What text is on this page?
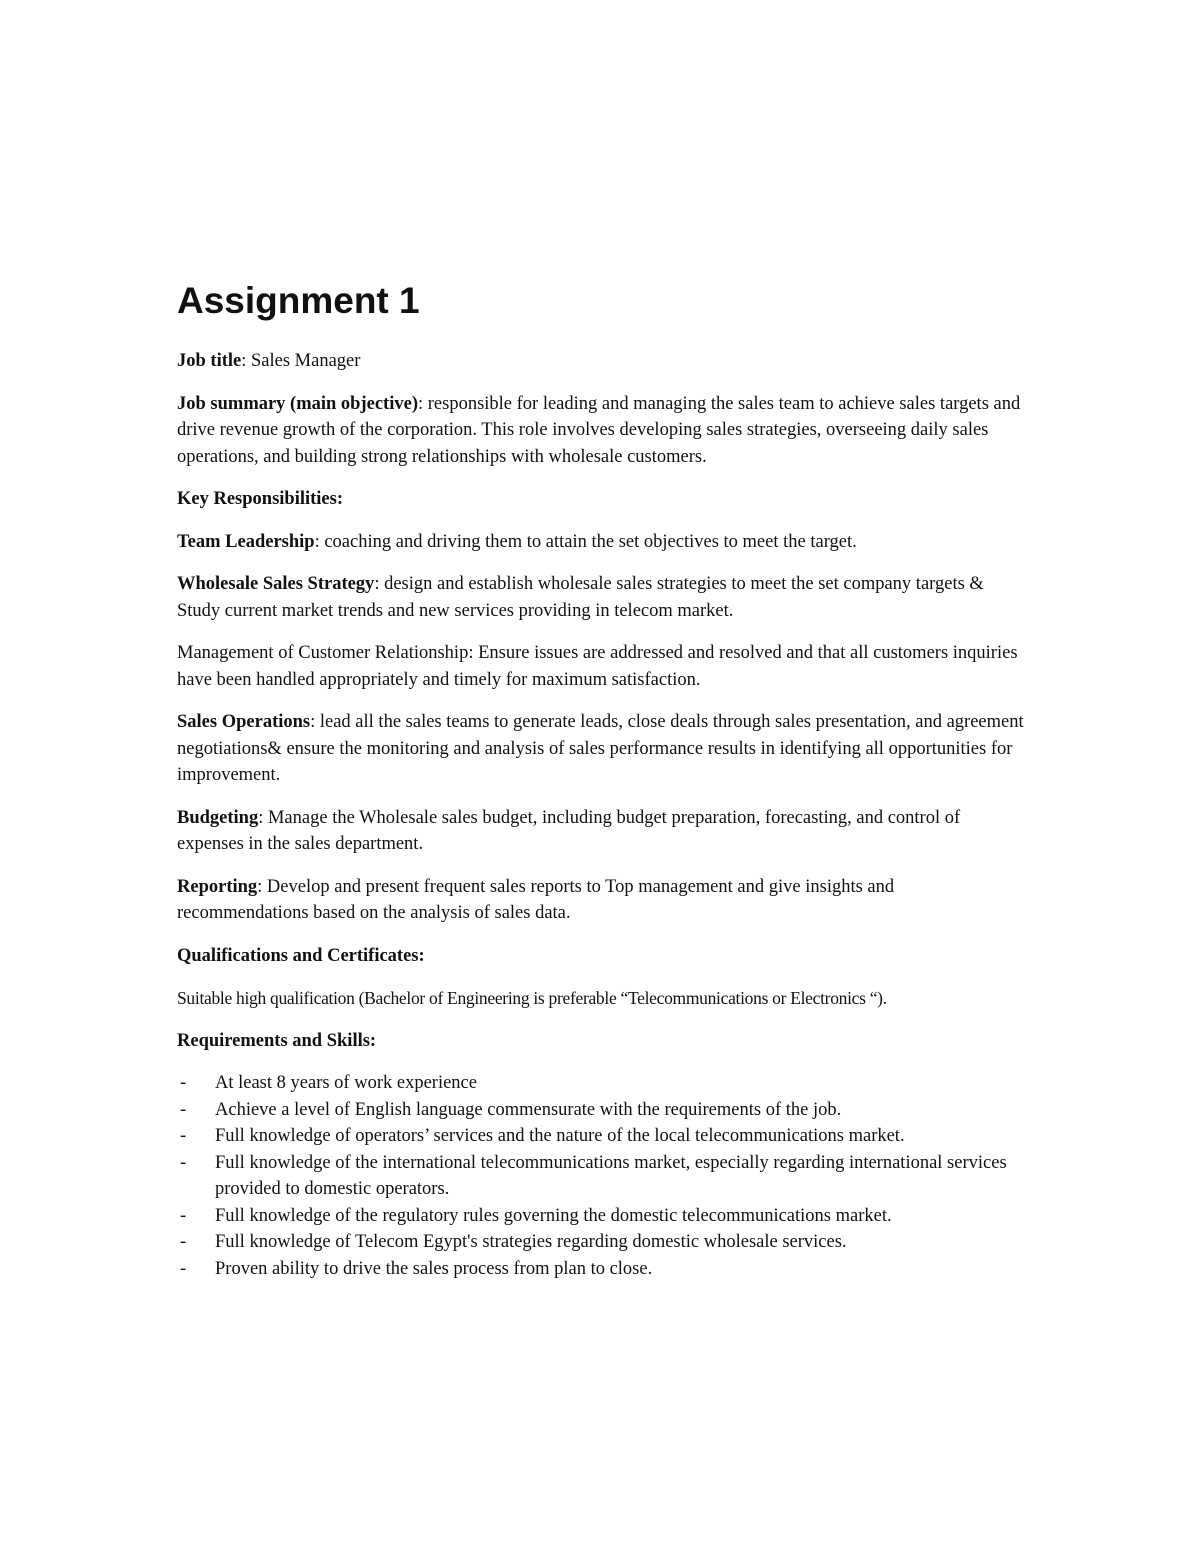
Assignment 1

Job title: Sales Manager

Job summary (main objective): responsible for leading and managing the sales team to achieve sales targets and drive revenue growth of the corporation. This role involves developing sales strategies, overseeing daily sales operations, and building strong relationships with wholesale customers.

Key Responsibilities:

Team Leadership: coaching and driving them to attain the set objectives to meet the target.

Wholesale Sales Strategy: design and establish wholesale sales strategies to meet the set company targets & Study current market trends and new services providing in telecom market.

Management of Customer Relationship: Ensure issues are addressed and resolved and that all customers inquiries have been handled appropriately and timely for maximum satisfaction.

Sales Operations: lead all the sales teams to generate leads, close deals through sales presentation, and agreement negotiations& ensure the monitoring and analysis of sales performance results in identifying all opportunities for improvement.

Budgeting: Manage the Wholesale sales budget, including budget preparation, forecasting, and control of expenses in the sales department.

Reporting: Develop and present frequent sales reports to Top management and give insights and recommendations based on the analysis of sales data.

Qualifications and Certificates:

Suitable high qualification (Bachelor of Engineering is preferable “Telecommunications or Electronics “).

Requirements and Skills:

- At least 8 years of work experience
- Achieve a level of English language commensurate with the requirements of the job.
- Full knowledge of operators’ services and the nature of the local telecommunications market.
- Full knowledge of the international telecommunications market, especially regarding international services provided to domestic operators.
- Full knowledge of the regulatory rules governing the domestic telecommunications market.
- Full knowledge of Telecom Egypt's strategies regarding domestic wholesale services.
- Proven ability to drive the sales process from plan to close.
